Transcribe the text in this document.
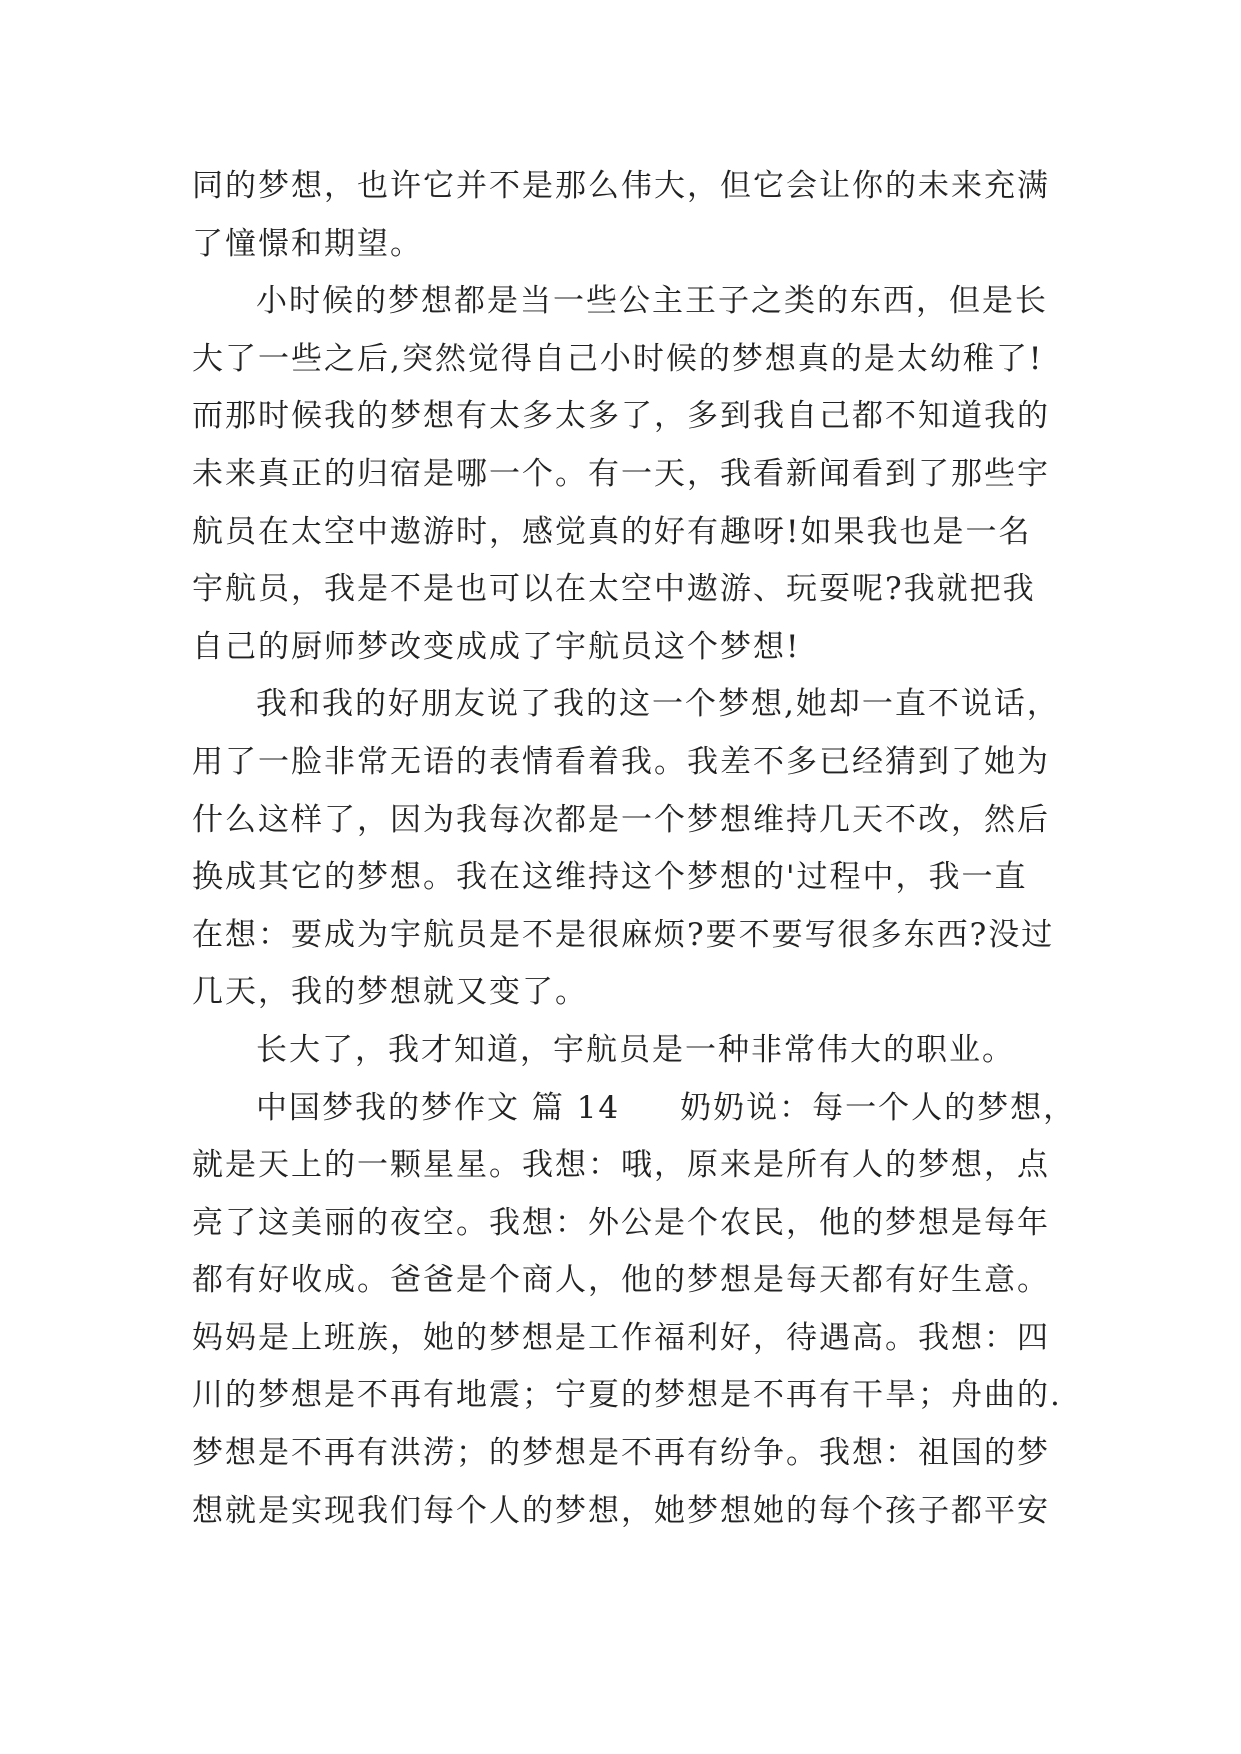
同的梦想，也许它并不是那么伟大，但它会让你的未来充满
了憧憬和期望。
小时候的梦想都是当一些公主王子之类的东西，但是长
大了一些之后,突然觉得自己小时候的梦想真的是太幼稚了!
而那时候我的梦想有太多太多了，多到我自己都不知道我的
未来真正的归宿是哪一个。有一天，我看新闻看到了那些宇
航员在太空中遨游时，感觉真的好有趣呀!如果我也是一名
宇航员，我是不是也可以在太空中遨游、玩耍呢?我就把我
自己的厨师梦改变成成了宇航员这个梦想!
我和我的好朋友说了我的这一个梦想,她却一直不说话，
用了一脸非常无语的表情看着我。我差不多已经猜到了她为
什么这样了，因为我每次都是一个梦想维持几天不改，然后
换成其它的梦想。我在这维持这个梦想的'过程中，我一直
在想：要成为宇航员是不是很麻烦?要不要写很多东西?没过
几天，我的梦想就又变了。
长大了，我才知道，宇航员是一种非常伟大的职业。
中国梦我的梦作文 篇 14 奶奶说：每一个人的梦想，
就是天上的一颗星星。我想：哦，原来是所有人的梦想，点
亮了这美丽的夜空。我想：外公是个农民，他的梦想是每年
都有好收成。爸爸是个商人，他的梦想是每天都有好生意。
妈妈是上班族，她的梦想是工作福利好，待遇高。我想：四
川的梦想是不再有地震；宁夏的梦想是不再有干旱；舟曲的.
梦想是不再有洪涝；的梦想是不再有纷争。我想：祖国的梦
想就是实现我们每个人的梦想，她梦想她的每个孩子都平安
